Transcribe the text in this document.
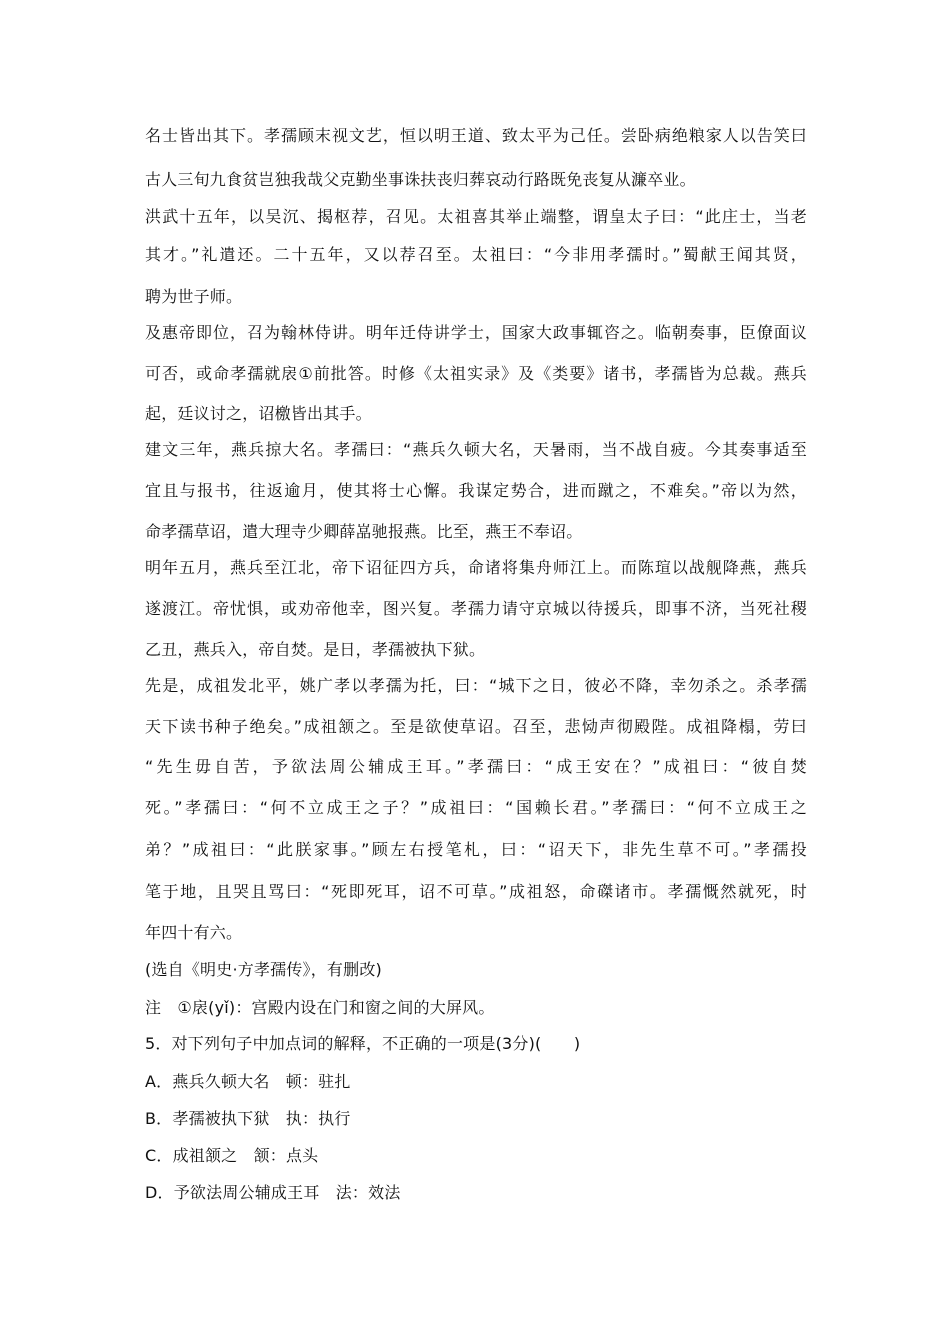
名士皆出其下。孝孺顾末视文艺，恒以明王道、致太平为己任。尝卧病绝粮家人以告笑曰
古人三旬九食贫岂独我哉父克勤坐事诛扶丧归葬哀动行路既免丧复从濂卒业。
洪武十五年，以吴沉、揭枢荐，召见。太祖喜其举止端整，谓皇太子曰：“此庄士，当老
其才。”礼遣还。二十五年，又以荐召至。太祖曰：“今非用孝孺时。”蜀献王闻其贤，
聘为世子师。
及惠帝即位，召为翰林侍讲。明年迁侍讲学士，国家大政事辄咨之。临朝奏事，臣僚面议
可否，或命孝孺就扆①前批答。时修《太祖实录》及《类要》诸书，孝孺皆为总裁。燕兵
起，廷议讨之，诏檄皆出其手。
建文三年，燕兵掠大名。孝孺曰：“燕兵久顿大名，天暑雨，当不战自疲。今其奏事适至
宜且与报书，往返逾月，使其将士心懈。我谋定势合，进而蹴之，不难矣。”帝以为然，
命孝孺草诏，遣大理寺少卿薛嵓驰报燕。比至，燕王不奉诏。
明年五月，燕兵至江北，帝下诏征四方兵，命诸将集舟师江上。而陈瑄以战舰降燕，燕兵
遂渡江。帝忧惧，或劝帝他幸，图兴复。孝孺力请守京城以待援兵，即事不济，当死社稷
乙丑，燕兵入，帝自焚。是日，孝孺被执下狱。
先是，成祖发北平，姚广孝以孝孺为托，曰：“城下之日，彼必不降，幸勿杀之。杀孝孺
天下读书种子绝矣。”成祖颔之。至是欲使草诏。召至，悲恸声彻殿陛。成祖降榻，劳曰
“先生毋自苦，予欲法周公辅成王耳。”孝孺曰：“成王安在？”成祖曰：“彼自焚
死。”孝孺曰：“何不立成王之子？”成祖曰：“国赖长君。”孝孺曰：“何不立成王之
弟？”成祖曰：“此朕家事。”顾左右授笔札，曰：“诏天下，非先生草不可。”孝孺投
笔于地，且哭且骂曰：“死即死耳，诏不可草。”成祖怒，命磔诸市。孝孺慨然就死，时
年四十有六。
(选自《明史·方孝孺传》，有删改)
注　①扆(yǐ)：宫殿内设在门和窗之间的大屏风。
5．对下列句子中加点词的解释，不正确的一项是(3分)(　　)
A．燕兵久顿大名　顿：驻扎
B．孝孺被执下狱　执：执行
C．成祖颔之　颔：点头
D．予欲法周公辅成王耳　法：效法
